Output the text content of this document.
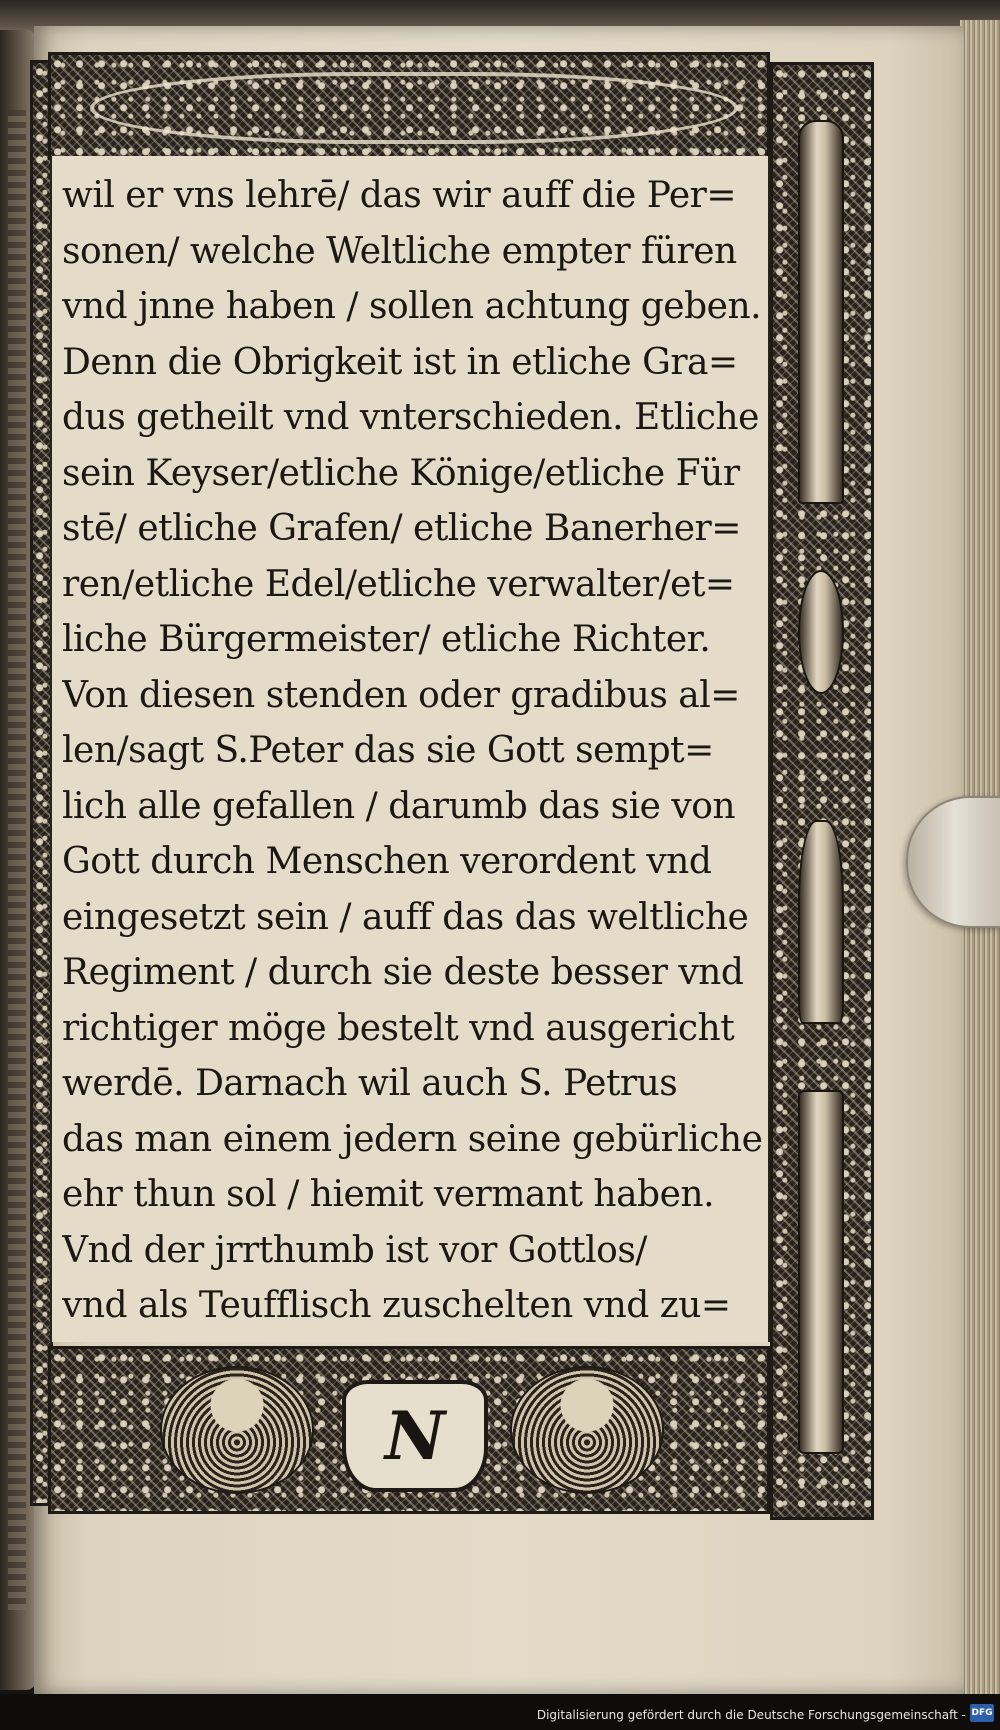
wil er vns lehrē/ das wir auff die Per=
sonen/ welche Weltliche empter füren
vnd jnne haben / sollen achtung geben.
Denn die Obrigkeit ist in etliche Gra=
dus getheilt vnd vnterschieden. Etliche
sein Keyser/etliche Könige/etliche Für
stē/ etliche Grafen/ etliche Banerher=
ren/etliche Edel/etliche verwalter/et=
liche Bürgermeister/ etliche Richter.
Von diesen stenden oder gradibus al=
len/sagt S.Peter das sie Gott sempt=
lich alle gefallen / darumb das sie von
Gott durch Menschen verordent vnd
eingesetzt sein / auff das das weltliche
Regiment / durch sie deste besser vnd
richtiger möge bestelt vnd ausgericht
werdē. Darnach wil auch S. Petrus
das man einem jedern seine gebürliche
ehr thun sol / hiemit vermant haben.
Vnd der jrrthumb ist vor Gottlos/
vnd als Teufflisch zuschelten vnd zu=
N
Digitalisierung gefördert durch die Deutsche Forschungsgemeinschaft - DFG
